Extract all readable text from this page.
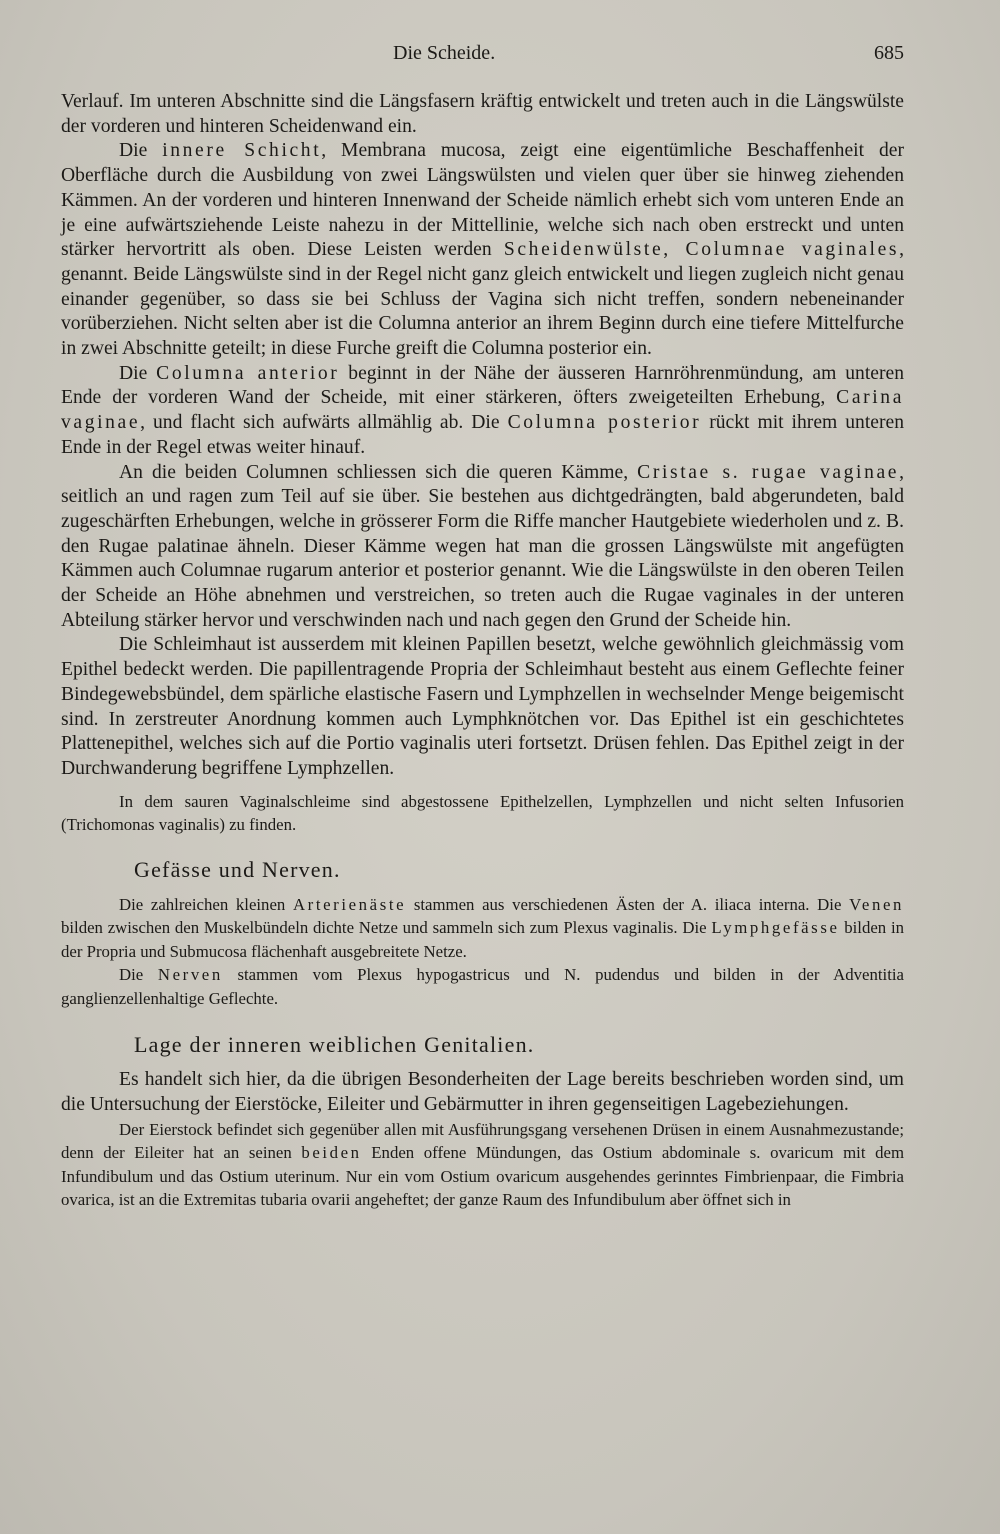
Die Scheide.	685

Verlauf. Im unteren Abschnitte sind die Längsfasern kräftig entwickelt und treten auch in die Längswülste der vorderen und hinteren Scheidenwand ein.

Die innere Schicht, Membrana mucosa, zeigt eine eigentümliche Beschaffenheit der Oberfläche durch die Ausbildung von zwei Längswülsten und vielen quer über sie hinweg ziehenden Kämmen. An der vorderen und hinteren Innenwand der Scheide nämlich erhebt sich vom unteren Ende an je eine aufwärtsziehende Leiste nahezu in der Mittellinie, welche sich nach oben erstreckt und unten stärker hervortritt als oben. Diese Leisten werden Scheidenwülste, Columnae vaginales, genannt. Beide Längswülste sind in der Regel nicht ganz gleich entwickelt und liegen zugleich nicht genau einander gegenüber, so dass sie bei Schluss der Vagina sich nicht treffen, sondern nebeneinander vorüberziehen. Nicht selten aber ist die Columna anterior an ihrem Beginn durch eine tiefere Mittelfurche in zwei Abschnitte geteilt; in diese Furche greift die Columna posterior ein.

Die Columna anterior beginnt in der Nähe der äusseren Harnröhrenmündung, am unteren Ende der vorderen Wand der Scheide, mit einer stärkeren, öfters zweigeteilten Erhebung, Carina vaginae, und flacht sich aufwärts allmählig ab. Die Columna posterior rückt mit ihrem unteren Ende in der Regel etwas weiter hinauf.

An die beiden Columnen schliessen sich die queren Kämme, Cristae s. rugae vaginae, seitlich an und ragen zum Teil auf sie über. Sie bestehen aus dichtgedrängten, bald abgerundeten, bald zugeschärften Erhebungen, welche in grösserer Form die Riffe mancher Hautgebiete wiederholen und z. B. den Rugae palatinae ähneln. Dieser Kämme wegen hat man die grossen Längswülste mit angefügten Kämmen auch Columnae rugarum anterior et posterior genannt. Wie die Längswülste in den oberen Teilen der Scheide an Höhe abnehmen und verstreichen, so treten auch die Rugae vaginales in der unteren Abteilung stärker hervor und verschwinden nach und nach gegen den Grund der Scheide hin.

Die Schleimhaut ist ausserdem mit kleinen Papillen besetzt, welche gewöhnlich gleichmässig vom Epithel bedeckt werden. Die papillentragende Propria der Schleimhaut besteht aus einem Geflechte feiner Bindegewebsbündel, dem spärliche elastische Fasern und Lymphzellen in wechselnder Menge beigemischt sind. In zerstreuter Anordnung kommen auch Lymphknötchen vor. Das Epithel ist ein geschichtetes Plattenepithel, welches sich auf die Portio vaginalis uteri fortsetzt. Drüsen fehlen. Das Epithel zeigt in der Durchwanderung begriffene Lymphzellen.

In dem sauren Vaginalschleime sind abgestossene Epithelzellen, Lymphzellen und nicht selten Infusorien (Trichomonas vaginalis) zu finden.

Gefässe und Nerven.

Die zahlreichen kleinen Arterienäste stammen aus verschiedenen Ästen der A. iliaca interna. Die Venen bilden zwischen den Muskelbündeln dichte Netze und sammeln sich zum Plexus vaginalis. Die Lymphgefässe bilden in der Propria und Submucosa flächenhaft ausgebreitete Netze.

Die Nerven stammen vom Plexus hypogastricus und N. pudendus und bilden in der Adventitia ganglienzellenhaltige Geflechte.

Lage der inneren weiblichen Genitalien.

Es handelt sich hier, da die übrigen Besonderheiten der Lage bereits beschrieben worden sind, um die Untersuchung der Eierstöcke, Eileiter und Gebärmutter in ihren gegenseitigen Lagebeziehungen.

Der Eierstock befindet sich gegenüber allen mit Ausführungsgang versehenen Drüsen in einem Ausnahmezustande; denn der Eileiter hat an seinen beiden Enden offene Mündungen, das Ostium abdominale s. ovaricum mit dem Infundibulum und das Ostium uterinum. Nur ein vom Ostium ovaricum ausgehendes gerinntes Fimbrienpaar, die Fimbria ovarica, ist an die Extremitas tubaria ovarii angeheftet; der ganze Raum des Infundibulum aber öffnet sich in
